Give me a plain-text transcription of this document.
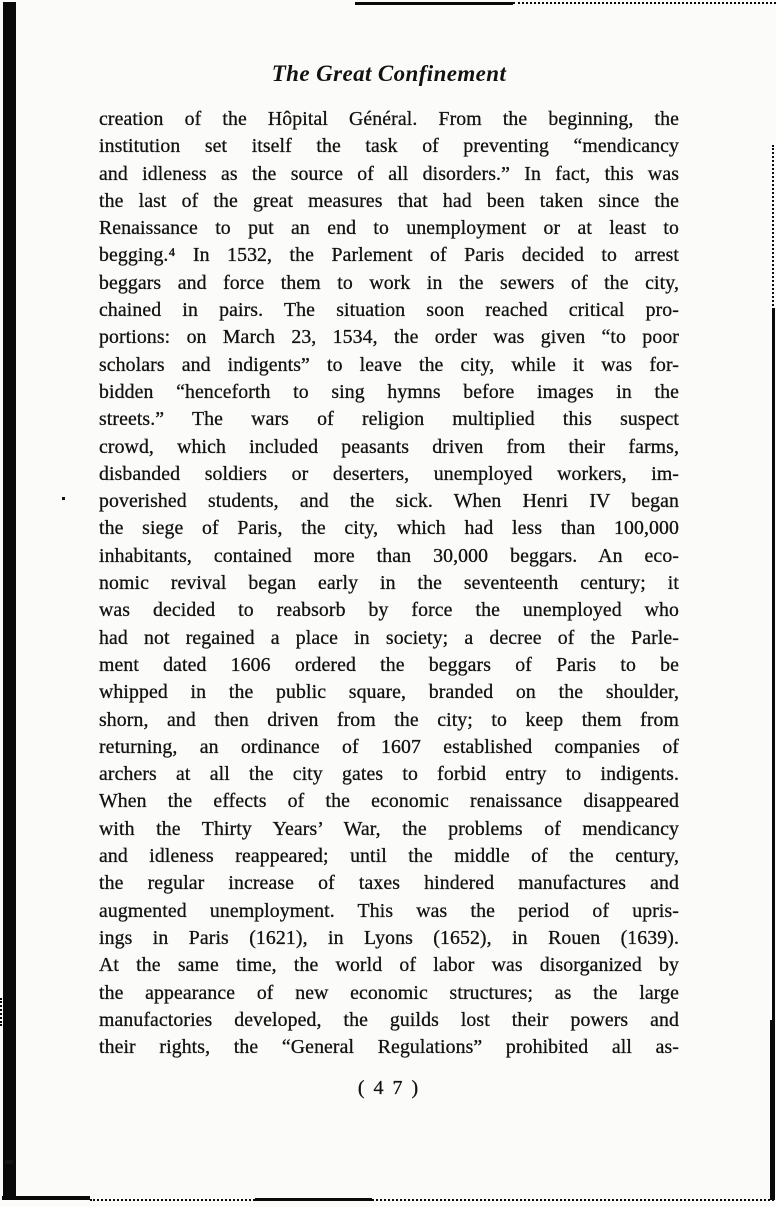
The Great Confinement
creation of the Hôpital Général. From the beginning, the
institution set itself the task of preventing “mendicancy
and idleness as the source of all disorders.” In fact, this was
the last of the great measures that had been taken since the
Renaissance to put an end to unemployment or at least to
begging.⁴ In 1532, the Parlement of Paris decided to arrest
beggars and force them to work in the sewers of the city,
chained in pairs. The situation soon reached critical pro-
portions: on March 23, 1534, the order was given “to poor
scholars and indigents” to leave the city, while it was for-
bidden “henceforth to sing hymns before images in the
streets.” The wars of religion multiplied this suspect
crowd, which included peasants driven from their farms,
disbanded soldiers or deserters, unemployed workers, im-
poverished students, and the sick. When Henri IV began
the siege of Paris, the city, which had less than 100,000
inhabitants, contained more than 30,000 beggars. An eco-
nomic revival began early in the seventeenth century; it
was decided to reabsorb by force the unemployed who
had not regained a place in society; a decree of the Parle-
ment dated 1606 ordered the beggars of Paris to be
whipped in the public square, branded on the shoulder,
shorn, and then driven from the city; to keep them from
returning, an ordinance of 1607 established companies of
archers at all the city gates to forbid entry to indigents.
When the effects of the economic renaissance disappeared
with the Thirty Years’ War, the problems of mendicancy
and idleness reappeared; until the middle of the century,
the regular increase of taxes hindered manufactures and
augmented unemployment. This was the period of upris-
ings in Paris (1621), in Lyons (1652), in Rouen (1639).
At the same time, the world of labor was disorganized by
the appearance of new economic structures; as the large
manufactories developed, the guilds lost their powers and
their rights, the “General Regulations” prohibited all as-
( 4 7 )
